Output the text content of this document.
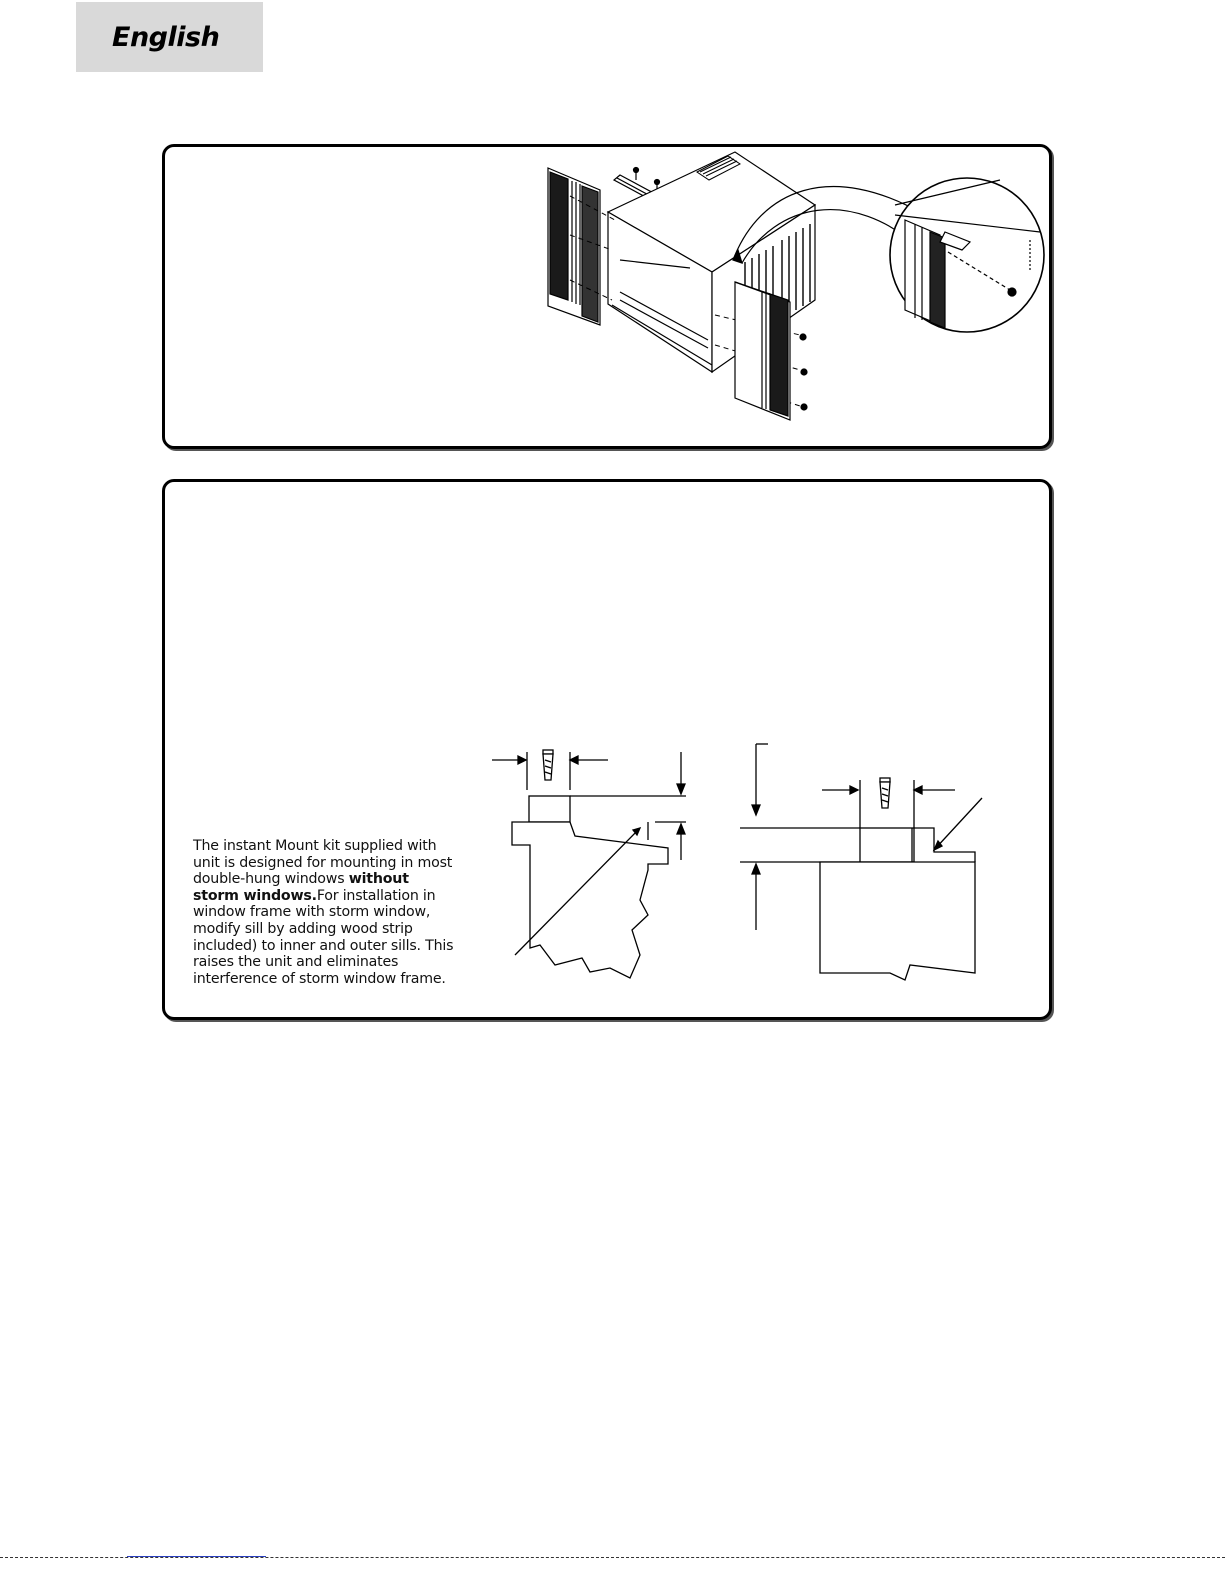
English
The instant Mount kit supplied with
unit is designed for mounting in most
double-hung windows without
storm windows.For installation in
window frame with storm window,
modify sill by adding wood strip
included) to inner and outer sills. This
raises the unit and eliminates
interference of storm window frame.
